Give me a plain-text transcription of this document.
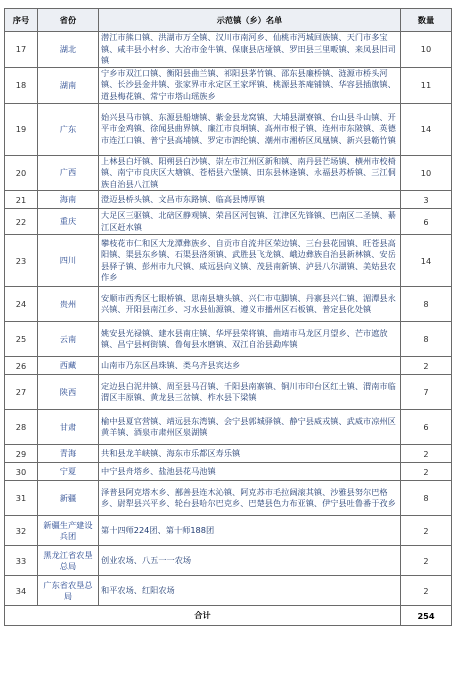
序号	省份	示范镇（乡）名单	数量
17	湖北	潜江市熊口镇、洪湖市万全镇、汉川市南河乡、仙桃市沔城回族镇、天门市多宝镇、咸丰县小村乡、大冶市金牛镇、保康县店垭镇、罗田县三里畈镇、来凤县旧司镇	10
18	湖南	宁乡市双江口镇、衡阳县曲兰镇、祁阳县茅竹镇、邵东县廉桥镇、涟源市桥头河镇、长沙县金井镇、张家界市永定区王家坪镇、桃源县茶庵铺镇、华容县插旗镇、道县梅花镇、常宁市塔山瑶族乡	11
19	广东	始兴县马市镇、东源县船塘镇、紫金县龙窝镇、大埔县湖寮镇、台山县斗山镇、开平市金鸡镇、徐闻县曲界镇、廉江市良垌镇、高州市根子镇、连州市东陂镇、英德市连江口镇、普宁县高埔镇、罗定市泗纶镇、潮州市湘桥区凤凰镇、新兴县簕竹镇	14
20	广西	上林县白圩镇、阳朔县白沙镇、崇左市江州区新和镇、南丹县芒场镇、横州市校椅镇、南宁市良庆区大塘镇、苍梧县六堡镇、田东县林逢镇、永福县苏桥镇、三江侗族自治县八江镇	10
21	海南	澄迈县桥头镇、文昌市东路镇、临高县博厚镇	3
22	重庆	大足区三驱镇、北碚区静观镇、荣昌区河包镇、江津区先锋镇、巴南区二圣镇、綦江区赶水镇	6
23	四川	攀枝花市仁和区大龙潭彝族乡、自贡市自流井区荣边镇、三台县花园镇、旺苍县高阳镇、渠县东乡镇、石渠县洛须镇、武胜县飞龙镇、峨边彝族自治县新林镇、安岳县驿子镇、彭州市九尺镇、威远县向义镇、茂县南新镇、泸县八尔湖镇、美姑县农作乡	14
24	贵州	安顺市西秀区七眼桥镇、思南县塘头镇、兴仁市屯脚镇、丹寨县兴仁镇、湄潭县永兴镇、开阳县南江乡、习水县仙源镇、遵义市播州区石板镇、普定县化处镇	8
25	云南	姚安县光禄镇、建水县南庄镇、华坪县荣将镇、曲靖市马龙区月望乡、芒市遮放镇、昌宁县柯街镇、鲁甸县水磨镇、双江自治县勐库镇	8
26	西藏	山南市乃东区昌珠镇、类乌齐县宾达乡	2
27	陕西	定边县白泥井镇、周至县马召镇、千阳县南寨镇、铜川市印台区红土镇、渭南市临渭区丰原镇、黄龙县三岔镇、柞水县下梁镇	7
28	甘肃	榆中县夏官营镇、靖远县东湾镇、会宁县郭城驿镇、静宁县威戎镇、武威市凉州区黄羊镇、酒泉市肃州区泉湖镇	6
29	青海	共和县龙羊峡镇、海东市乐都区寿乐镇	2
30	宁夏	中宁县舟塔乡、盐池县花马池镇	2
31	新疆	泽普县阿克塔木乡、鄯善县连木沁镇、阿克苏市毛拉阔滚其镇、沙雅县努尔巴格乡、尉犁县兴平乡、轮台县哈尔巴克乡、巴楚县色力布亚镇、伊宁县吐鲁番于孜乡	8
32	新疆生产建设兵团	第十四师224团、第十师188团	2
33	黑龙江省农垦总局	创业农场、八五一一农场	2
34	广东省农垦总局	和平农场、红阳农场	2
合计			254
